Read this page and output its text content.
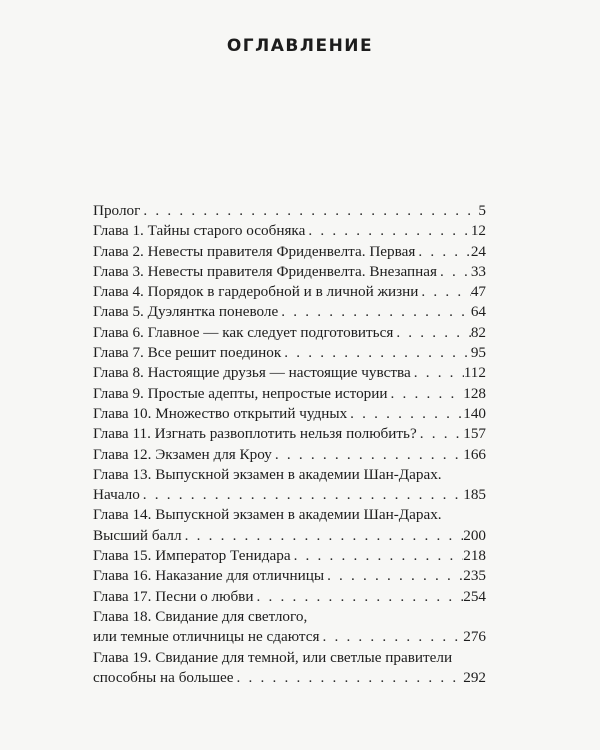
ОГЛАВЛЕНИЕ
Пролог . . .	5
Глава 1. Тайны старого особняка . . .	12
Глава 2. Невесты правителя Фриденвелта. Первая . . .	24
Глава 3. Невесты правителя Фриденвелта. Внезапная . . . 33
Глава 4. Порядок в гардеробной и в личной жизни . . .	47
Глава 5. Дуэлянтка поневоле . . .	64
Глава 6. Главное — как следует подготовиться . . .	82
Глава 7. Все решит поединок . . .	95
Глава 8. Настоящие друзья — настоящие чувства . . .	112
Глава 9. Простые адепты, непростые истории . . .	128
Глава 10. Множество открытий чудных . . .	140
Глава 11. Изгнать развоплотить нельзя полюбить? . . .	157
Глава 12. Экзамен для Кроу . . .	166
Глава 13. Выпускной экзамен в академии Шан-Дарах.
Начало . . .	185
Глава 14. Выпускной экзамен в академии Шан-Дарах.
Высший балл . . .	200
Глава 15. Император Тенидара . . .	218
Глава 16. Наказание для отличницы . . .	235
Глава 17. Песни о любви . . .	254
Глава 18. Свидание для светлого,
или темные отличницы не сдаются . . .	276
Глава 19. Свидание для темной, или светлые правители
способны на большее . . .	292
